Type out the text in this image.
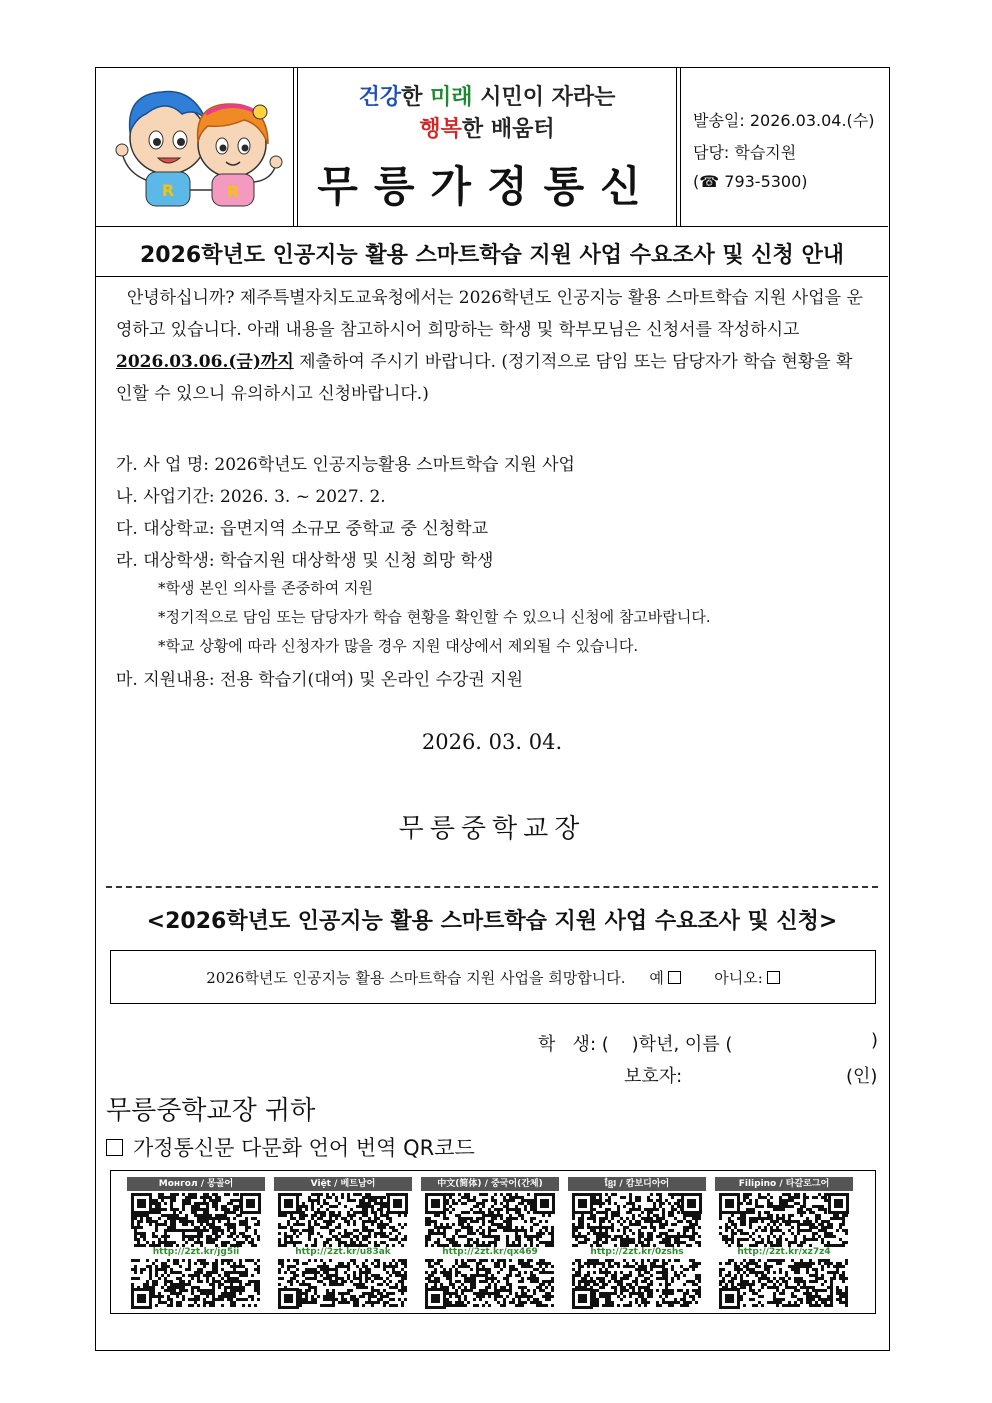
R	R
건강한 미래 시민이 자라는
행복한 배움터
무릉가정통신
발송일: 2026.03.04.(수)
담당: 학습지원
(☎ 793-5300)
2026학년도 인공지능 활용 스마트학습 지원 사업 수요조사 및 신청 안내

안녕하십니까? 제주특별자치도교육청에서는 2026학년도 인공지능 활용 스마트학습 지원 사업을 운영하고 있습니다. 아래 내용을 참고하시어 희망하는 학생 및 학부모님은 신청서를 작성하시고 2026.03.06.(금)까지 제출하여 주시기 바랍니다. (정기적으로 담임 또는 담당자가 학습 현황을 확인할 수 있으니 유의하시고 신청바랍니다.)

가. 사 업 명: 2026학년도 인공지능활용 스마트학습 지원 사업
나. 사업기간: 2026. 3. ~ 2027. 2.
다. 대상학교: 읍면지역 소규모 중학교 중 신청학교
라. 대상학생: 학습지원 대상학생 및 신청 희망 학생
*학생 본인 의사를 존중하여 지원
*정기적으로 담임 또는 담당자가 학습 현황을 확인할 수 있으니 신청에 참고바랍니다.
*학교 상황에 따라 신청자가 많을 경우 지원 대상에서 제외될 수 있습니다.
마. 지원내용: 전용 학습기(대여) 및 온라인 수강권 지원
2026. 03. 04.
무릉중학교장
<2026학년도 인공지능 활용 스마트학습 지원 사업 수요조사 및 신청>
2026학년도 인공지능 활용 스마트학습 지원 사업을 희망합니다. 예	아니오:
학   생: (    )학년, 이름 (	)
보호자:	(인)
무릉중학교장 귀하
가정통신문 다문화 언어 번역 QR코드
Монгол / 몽골어
http://2zt.kr/jg5ii
Việt / 베트남어
http://2zt.kr/u83ak
中文(简体) / 중국어(간체)
http://2zt.kr/qx469
ខ្មែរ / 캄보디아어
http://2zt.kr/0zshs
Filipino / 타갈로그어
http://2zt.kr/xz7z4
